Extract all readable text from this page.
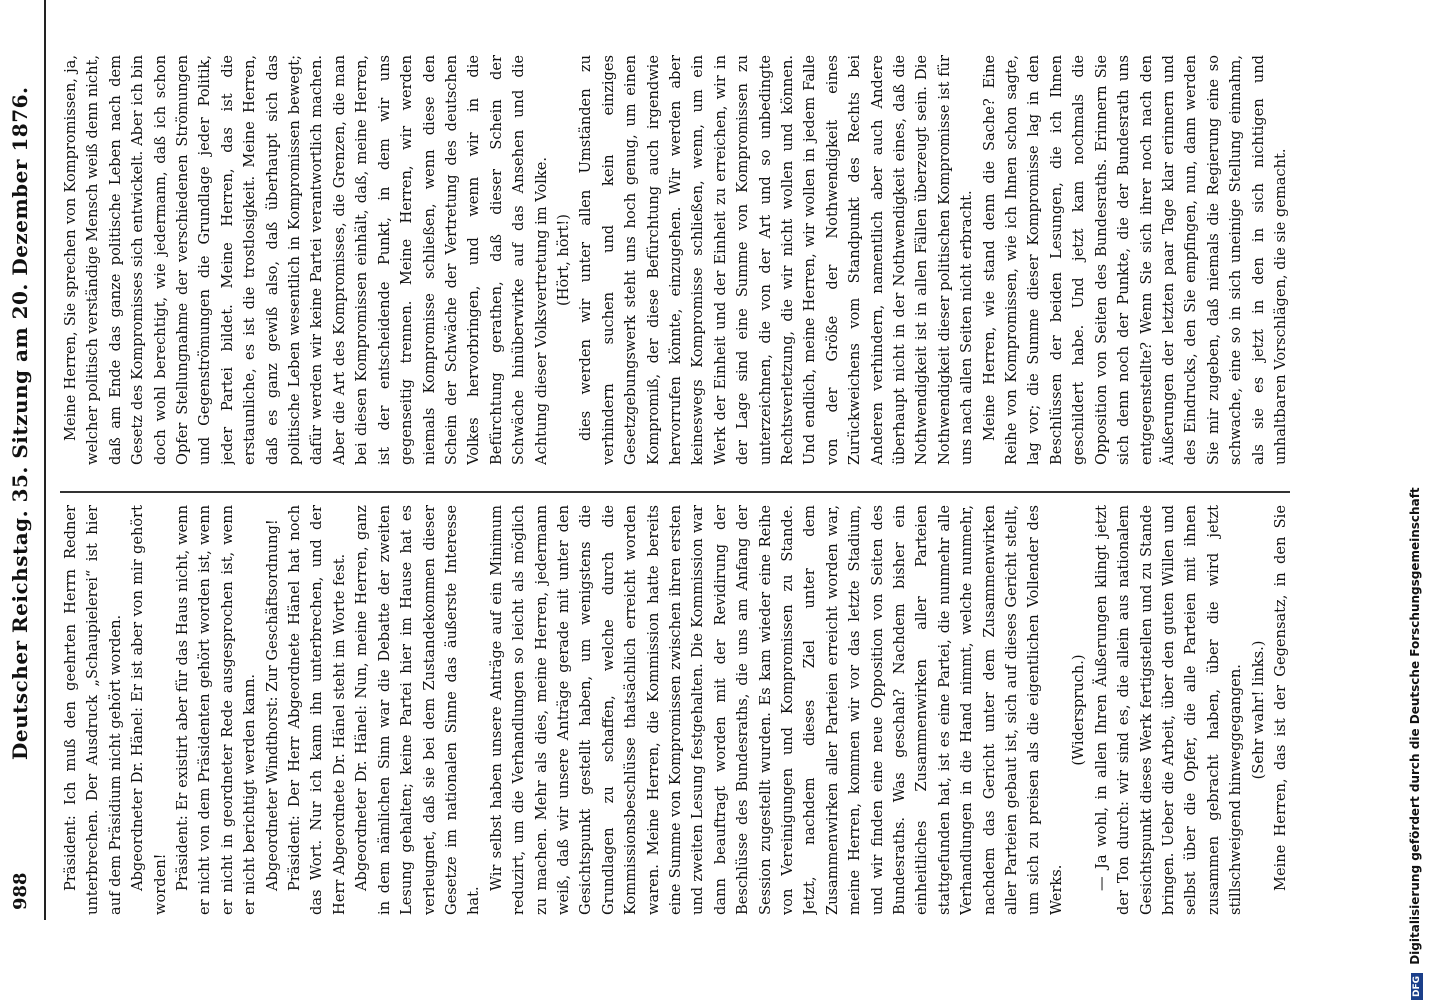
988
Deutscher Reichstag. 35. Sitzung am 20. Dezember 1876. Präsident: Ich muß den geehrten Herrn Redner unterbrechen. Der Ausdruck „Schaupielerei“ ist hier auf dem Präsidium nicht gehört worden. Abgeordneter Dr. Hänel: Er ist aber von mir gehört worden! Präsident: Er existirt aber für das Haus nicht, wenn er nicht von dem Präsidenten gehört worden ist, wenn er nicht in geordneter Rede ausgesprochen ist, wenn er nicht berichtigt werden kann. Abgeordneter Windthorst: Zur Geschäftsordnung! Präsident: Der Herr Abgeordnete Hänel hat noch das Wort. Nur ich kann ihn unterbrechen, und der Herr Abgeordnete Dr. Hänel steht im Worte fest. Abgeordneter Dr. Hänel: Nun, meine Herren, ganz in dem nämlichen Sinn war die Debatte der zweiten Lesung gehalten; keine Partei hier im Hause hat es verleugnet, daß sie bei dem Zustandekommen dieser Gesetze im nationalen Sinne das äußerste Interesse hat.

Wir selbst haben unsere Anträge auf ein Minimum reduzirt, um die Verhandlungen so leicht als möglich zu machen. Mehr als dies, meine Herren, jedermann weiß, daß wir unsere Anträge gerade mit unter den Gesichtspunkt gestellt haben, um wenigstens die Grundlagen zu schaffen, welche durch die Kommissionsbeschlüsse thatsächlich erreicht worden waren. Meine Herren, die Kommission hatte bereits eine Summe von Kompromissen zwischen ihren ersten und zweiten Lesung festgehalten. Die Kommission war dann beauftragt worden mit der Revidirung der Beschlüsse des Bundesraths, die uns am Anfang der Session zugestellt wurden. Es kam wieder eine Reihe von Vereinigungen und Kompromissen zu Stande. Jetzt, nachdem dieses Ziel unter dem Zusammenwirken aller Parteien erreicht worden war, meine Herren, kommen wir vor das letzte Stadium, und wir finden eine neue Opposition von Seiten des Bundesraths. Was geschah? Nachdem bisher ein einheitliches Zusammenwirken aller Parteien stattgefunden hat, ist es eine Partei, die nunmehr alle Verhandlungen in die Hand nimmt, welche nunmehr, nachdem das Gericht unter dem Zusammenwirken aller Parteien gebaut ist, sich auf dieses Gericht stellt, um sich zu preisen als die eigentlichen Vollender des Werks.

(Widerspruch.) — Ja wohl, in allen Ihren Äußerungen klingt jetzt der Ton durch: wir sind es, die allein aus nationalem Gesichtspunkt dieses Werk fertigstellen und zu Stande bringen. Ueber die Arbeit, über den guten Willen und selbst über die Opfer, die alle Parteien mit ihnen zusammen gebracht haben, über die wird jetzt stillschweigend hinweggegangen. (Sehr wahr! links.)

Meine Herren, das ist der Gegensatz, in den Sie

Meine Herren, Sie sprechen von Kompromissen, ja, welcher politisch verständige Mensch weiß denn nicht, daß am Ende das ganze politische Leben nach dem Gesetz des Kompromisses sich entwickelt. Aber ich bin doch wohl berechtigt, wie jedermann, daß ich schon Opfer Stellungnahme der verschiedenen Strömungen und Gegenströmungen die Grundlage jeder Politik, jeder Partei bildet. Meine Herren, das ist die erstaunliche, es ist die trostlosigkeit. Meine Herren, daß es ganz gewiß also, daß überhaupt sich das politische Leben wesentlich in Kompromissen bewegt; dafür werden wir keine Partei verantwortlich machen. Aber die Art des Kompromisses, die Grenzen, die man bei diesen Kompromissen einhält, daß, meine Herren, ist der entscheidende Punkt, in dem wir uns gegenseitig trennen. Meine Herren, wir werden niemals Kompromisse schließen, wenn diese den Schein der Schwäche der Vertretung des deutschen Volkes hervorbringen, und wenn wir in die Befürchtung gerathen, daß dieser Schein der Schwäche hinüberwirke auf das Ansehen und die Achtung dieser Volksvertretung im Volke. (Hört, hört!) dies werden wir unter allen Umständen zu verhindern suchen und kein einziges Gesetzgebungswerk steht uns hoch genug, um einen Kompromiß, der diese Befürchtung auch irgendwie hervorrufen könnte, einzugehen. Wir werden aber keineswegs Kompromisse schließen, wenn, um ein Werk der Einheit und der Einheit zu erreichen, wir in der Lage sind eine Summe von Kompromissen zu unterzeichnen, die von der Art und so unbedingte Rechtsverletzung, die wir nicht wollen und können. Und endlich, meine Herren, wir wollen in jedem Falle von der Größe der Nothwendigkeit eines Zurückweichens vom Standpunkt des Rechts bei Anderen verhindern, namentlich aber auch Andere überhaupt nicht in der Nothwendigkeit eines, daß die Nothwendigkeit ist in allen Fällen überzeugt sein. Die Nothwendigkeit dieser politischen Kompromisse ist für uns nach allen Seiten nicht erbracht. Meine Herren, wie stand denn die Sache? Eine Reihe von Kompromissen, wie ich Ihnen schon sagte, lag vor; die Summe dieser Kompromisse lag in den Beschlüssen der beiden Lesungen, die ich Ihnen geschildert habe. Und jetzt kam nochmals die Opposition von Seiten des Bundesraths. Erinnern Sie sich denn noch der Punkte, die der Bundesrath uns entgegenstellte? Wenn Sie sich ihrer noch nach den Äußerungen der letzten paar Tage klar erinnern und des Eindrucks, den Sie empfingen, nun, dann werden Sie mir zugeben, daß niemals die Regierung eine so schwache, eine so in sich uneinige Stellung einnahm, als sie es jetzt in den in sich nichtigen und unhaltbaren Vorschlägen, die sie gemacht.

DFG Digitalisierung gefördert durch die Deutsche Forschungsgemeinschaft
